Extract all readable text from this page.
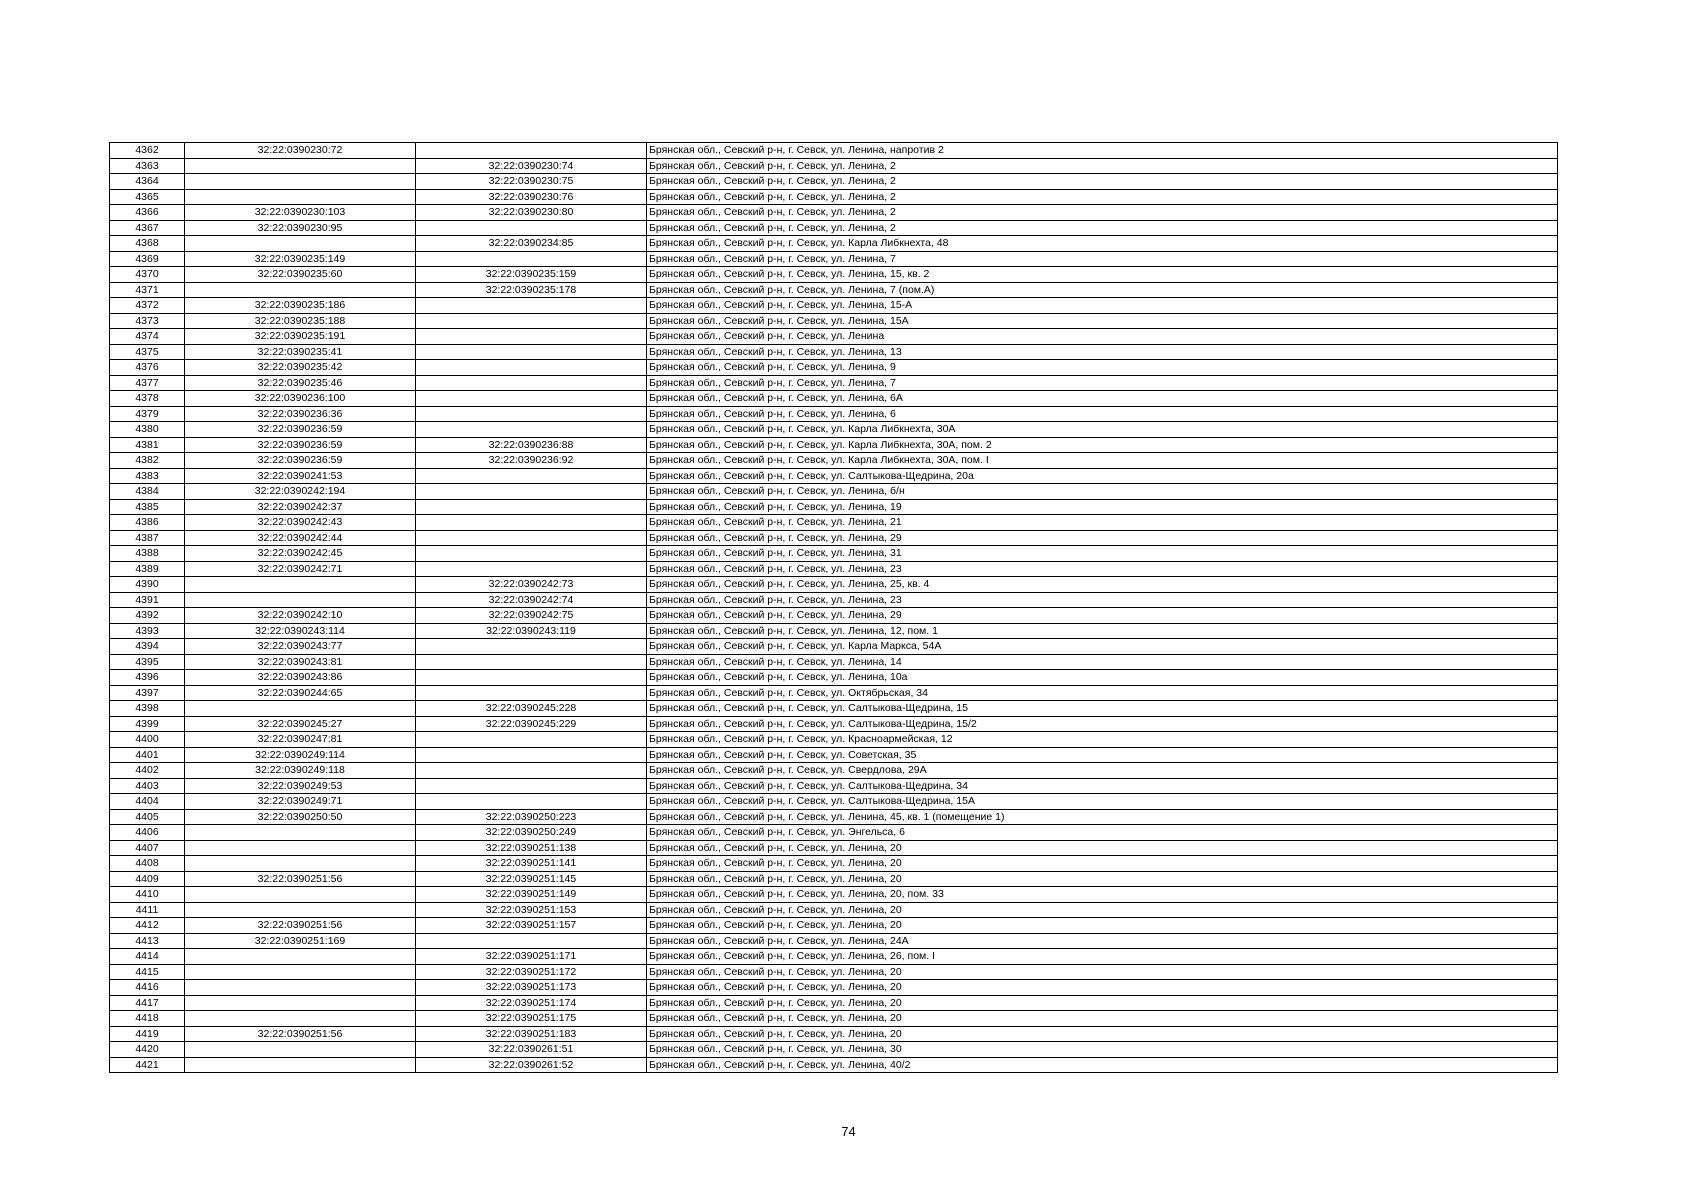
4362	32:22:0390230:72		Брянская обл., Севский р-н, г. Севск, ул. Ленина, напротив 2
4363		32:22:0390230:74	Брянская обл., Севский р-н, г. Севск, ул. Ленина, 2
4364		32:22:0390230:75	Брянская обл., Севский р-н, г. Севск, ул. Ленина, 2
4365		32:22:0390230:76	Брянская обл., Севский р-н, г. Севск, ул. Ленина, 2
4366	32:22:0390230:103	32:22:0390230:80	Брянская обл., Севский р-н, г. Севск, ул. Ленина, 2
4367	32:22:0390230:95		Брянская обл., Севский р-н, г. Севск, ул. Ленина, 2
4368		32:22:0390234:85	Брянская обл., Севский р-н, г. Севск, ул. Карла Либкнехта, 48
4369	32:22:0390235:149		Брянская обл., Севский р-н, г. Севск, ул. Ленина, 7
4370	32:22:0390235:60	32:22:0390235:159	Брянская обл., Севский р-н, г. Севск, ул. Ленина, 15, кв. 2
4371		32:22:0390235:178	Брянская обл., Севский р-н, г. Севск, ул. Ленина, 7 (пом.А)
4372	32:22:0390235:186		Брянская обл., Севский р-н, г. Севск, ул. Ленина, 15-А
4373	32:22:0390235:188		Брянская обл., Севский р-н, г. Севск, ул. Ленина, 15А
4374	32:22:0390235:191		Брянская обл., Севский р-н, г. Севск, ул. Ленина
4375	32:22:0390235:41		Брянская обл., Севский р-н, г. Севск, ул. Ленина, 13
4376	32:22:0390235:42		Брянская обл., Севский р-н, г. Севск, ул. Ленина, 9
4377	32:22:0390235:46		Брянская обл., Севский р-н, г. Севск, ул. Ленина, 7
4378	32:22:0390236:100		Брянская обл., Севский р-н, г. Севск, ул. Ленина, 6А
4379	32:22:0390236:36		Брянская обл., Севский р-н, г. Севск, ул. Ленина, 6
4380	32:22:0390236:59		Брянская обл., Севский р-н, г. Севск, ул. Карла Либкнехта, 30А
4381	32:22:0390236:59	32:22:0390236:88	Брянская обл., Севский р-н, г. Севск, ул. Карла Либкнехта, 30А, пом. 2
4382	32:22:0390236:59	32:22:0390236:92	Брянская обл., Севский р-н, г. Севск, ул. Карла Либкнехта, 30А, пом. I
4383	32:22:0390241:53		Брянская обл., Севский р-н, г. Севск, ул. Салтыкова-Щедрина, 20а
4384	32:22:0390242:194		Брянская обл., Севский р-н, г. Севск, ул. Ленина, б/н
4385	32:22:0390242:37		Брянская обл., Севский р-н, г. Севск, ул. Ленина, 19
4386	32:22:0390242:43		Брянская обл., Севский р-н, г. Севск, ул. Ленина, 21
4387	32:22:0390242:44		Брянская обл., Севский р-н, г. Севск, ул. Ленина, 29
4388	32:22:0390242:45		Брянская обл., Севский р-н, г. Севск, ул. Ленина, 31
4389	32:22:0390242:71		Брянская обл., Севский р-н, г. Севск, ул. Ленина, 23
4390		32:22:0390242:73	Брянская обл., Севский р-н, г. Севск, ул. Ленина, 25, кв. 4
4391		32:22:0390242:74	Брянская обл., Севский р-н, г. Севск, ул. Ленина, 23
4392	32:22:0390242:10	32:22:0390242:75	Брянская обл., Севский р-н, г. Севск, ул. Ленина, 29
4393	32:22:0390243:114	32:22:0390243:119	Брянская обл., Севский р-н, г. Севск, ул. Ленина, 12, пом. 1
4394	32:22:0390243:77		Брянская обл., Севский р-н, г. Севск, ул. Карла Маркса, 54А
4395	32:22:0390243:81		Брянская обл., Севский р-н, г. Севск, ул. Ленина, 14
4396	32:22:0390243:86		Брянская обл., Севский р-н, г. Севск, ул. Ленина, 10а
4397	32:22:0390244:65		Брянская обл., Севский р-н, г. Севск, ул. Октябрьская, 34
4398		32:22:0390245:228	Брянская обл., Севский р-н, г. Севск, ул. Салтыкова-Щедрина, 15
4399	32:22:0390245:27	32:22:0390245:229	Брянская обл., Севский р-н, г. Севск, ул. Салтыкова-Щедрина, 15/2
4400	32:22:0390247:81		Брянская обл., Севский р-н, г. Севск, ул. Красноармейская, 12
4401	32:22:0390249:114		Брянская обл., Севский р-н, г. Севск, ул. Советская, 35
4402	32:22:0390249:118		Брянская обл., Севский р-н, г. Севск, ул. Свердлова, 29А
4403	32:22:0390249:53		Брянская обл., Севский р-н, г. Севск, ул. Салтыкова-Щедрина, 34
4404	32:22:0390249:71		Брянская обл., Севский р-н, г. Севск, ул. Салтыкова-Щедрина, 15А
4405	32:22:0390250:50	32:22:0390250:223	Брянская обл., Севский р-н, г. Севск, ул. Ленина, 45, кв. 1 (помещение 1)
4406		32:22:0390250:249	Брянская обл., Севский р-н, г. Севск, ул. Энгельса, 6
4407		32:22:0390251:138	Брянская обл., Севский р-н, г. Севск, ул. Ленина, 20
4408		32:22:0390251:141	Брянская обл., Севский р-н, г. Севск, ул. Ленина, 20
4409	32:22:0390251:56	32:22:0390251:145	Брянская обл., Севский р-н, г. Севск, ул. Ленина, 20
4410		32:22:0390251:149	Брянская обл., Севский р-н, г. Севск, ул. Ленина, 20, пом. 33
4411		32:22:0390251:153	Брянская обл., Севский р-н, г. Севск, ул. Ленина, 20
4412	32:22:0390251:56	32:22:0390251:157	Брянская обл., Севский р-н, г. Севск, ул. Ленина, 20
4413	32:22:0390251:169		Брянская обл., Севский р-н, г. Севск, ул. Ленина, 24А
4414		32:22:0390251:171	Брянская обл., Севский р-н, г. Севск, ул. Ленина, 26, пом. I
4415		32:22:0390251:172	Брянская обл., Севский р-н, г. Севск, ул. Ленина, 20
4416		32:22:0390251:173	Брянская обл., Севский р-н, г. Севск, ул. Ленина, 20
4417		32:22:0390251:174	Брянская обл., Севский р-н, г. Севск, ул. Ленина, 20
4418		32:22:0390251:175	Брянская обл., Севский р-н, г. Севск, ул. Ленина, 20
4419	32:22:0390251:56	32:22:0390251:183	Брянская обл., Севский р-н, г. Севск, ул. Ленина, 20
4420		32:22:0390261:51	Брянская обл., Севский р-н, г. Севск, ул. Ленина, 30
4421		32:22:0390261:52	Брянская обл., Севский р-н, г. Севск, ул. Ленина, 40/2
74
